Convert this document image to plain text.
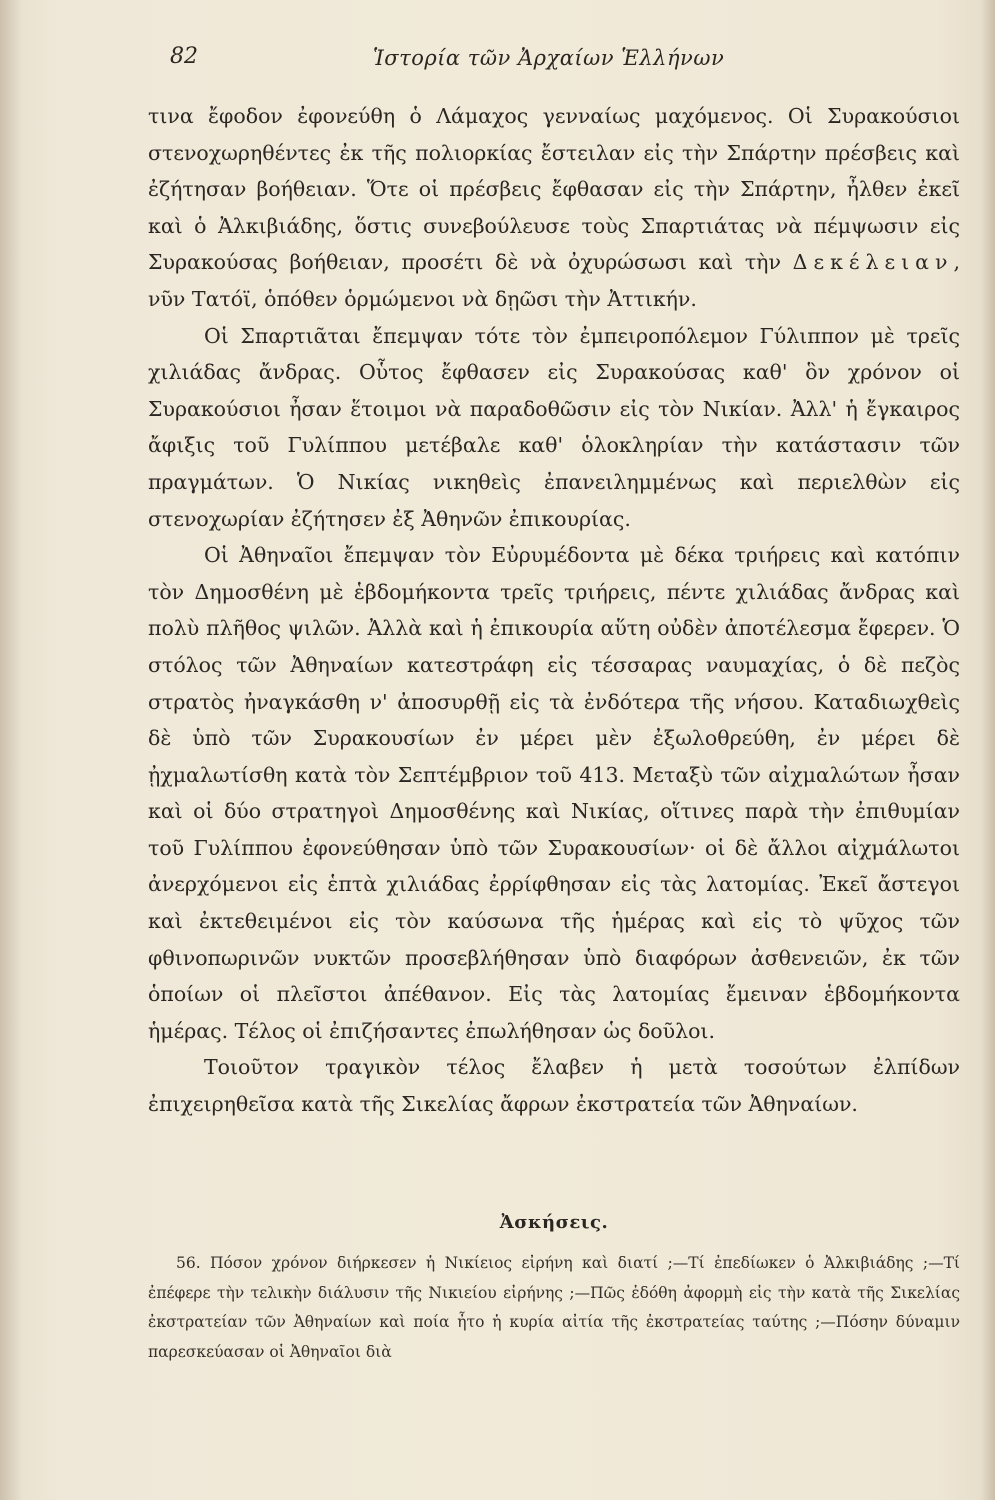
82	Ἱστορία τῶν Ἀρχαίων Ἑλλήνων

τινα ἔφοδον ἐφονεύθη ὁ Λάμαχος γενναίως μαχόμενος. Οἱ Συρακούσιοι στενοχωρηθέντες ἐκ τῆς πολιορκίας ἔστειλαν εἰς τὴν Σπάρτην πρέσβεις καὶ ἐζήτησαν βοήθειαν. Ὅτε οἱ πρέσβεις ἔφθασαν εἰς τὴν Σπάρτην, ἦλθεν ἐκεῖ καὶ ὁ Ἀλκιβιάδης, ὅστις συνεβούλευσε τοὺς Σπαρτιάτας νὰ πέμψωσιν εἰς Συρακούσας βοήθειαν, προσέτι δὲ νὰ ὀχυρώσωσι καὶ τὴν Δεκέλειαν, νῦν Τατόϊ, ὁπόθεν ὁρμώμενοι νὰ δῃῶσι τὴν Ἀττικήν.

Οἱ Σπαρτιᾶται ἔπεμψαν τότε τὸν ἐμπειροπόλεμον Γύλιππον μὲ τρεῖς χιλιάδας ἄνδρας. Οὗτος ἔφθασεν εἰς Συρακούσας καθ' ὃν χρόνον οἱ Συρακούσιοι ἦσαν ἕτοιμοι νὰ παραδοθῶσιν εἰς τὸν Νικίαν. Ἀλλ' ἡ ἔγκαιρος ἄφιξις τοῦ Γυλίππου μετέβαλε καθ' ὁλοκληρίαν τὴν κατάστασιν τῶν πραγμάτων. Ὁ Νικίας νικηθεὶς ἐπανειλημμένως καὶ περιελθὼν εἰς στενοχωρίαν ἐζήτησεν ἐξ Ἀθηνῶν ἐπικουρίας.

Οἱ Ἀθηναῖοι ἔπεμψαν τὸν Εὐρυμέδοντα μὲ δέκα τριήρεις καὶ κατόπιν τὸν Δημοσθένη μὲ ἑβδομήκοντα τρεῖς τριήρεις, πέντε χιλιάδας ἄνδρας καὶ πολὺ πλῆθος ψιλῶν. Ἀλλὰ καὶ ἡ ἐπικουρία αὕτη οὐδὲν ἀποτέλεσμα ἔφερεν. Ὁ στόλος τῶν Ἀθηναίων κατεστράφη εἰς τέσσαρας ναυμαχίας, ὁ δὲ πεζὸς στρατὸς ἠναγκάσθη ν' ἀποσυρθῇ εἰς τὰ ἐνδότερα τῆς νήσου. Καταδιωχθεὶς δὲ ὑπὸ τῶν Συρακουσίων ἐν μέρει μὲν ἐξωλοθρεύθη, ἐν μέρει δὲ ᾐχμαλωτίσθη κατὰ τὸν Σεπτέμβριον τοῦ 413. Μεταξὺ τῶν αἰχμαλώτων ἦσαν καὶ οἱ δύο στρατηγοὶ Δημοσθένης καὶ Νικίας, οἵτινες παρὰ τὴν ἐπιθυμίαν τοῦ Γυλίππου ἐφονεύθησαν ὑπὸ τῶν Συρακουσίων· οἱ δὲ ἄλλοι αἰχμάλωτοι ἀνερχόμενοι εἰς ἑπτὰ χιλιάδας ἐρρίφθησαν εἰς τὰς λατομίας. Ἐκεῖ ἄστεγοι καὶ ἐκτεθειμένοι εἰς τὸν καύσωνα τῆς ἡμέρας καὶ εἰς τὸ ψῦχος τῶν φθινοπωρινῶν νυκτῶν προσεβλήθησαν ὑπὸ διαφόρων ἀσθενειῶν, ἐκ τῶν ὁποίων οἱ πλεῖστοι ἀπέθανον. Εἰς τὰς λατομίας ἔμειναν ἑβδομήκοντα ἡμέρας. Τέλος οἱ ἐπιζήσαντες ἐπωλήθησαν ὡς δοῦλοι.

Τοιοῦτον τραγικὸν τέλος ἔλαβεν ἡ μετὰ τοσούτων ἐλπίδων ἐπιχειρηθεῖσα κατὰ τῆς Σικελίας ἄφρων ἐκστρατεία τῶν Ἀθηναίων.

Ἀσκήσεις.

56. Πόσον χρόνον διήρκεσεν ἡ Νικίειος εἰρήνη καὶ διατί ;—Τί ἐπεδίωκεν ὁ Ἀλκιβιάδης ;—Τί ἐπέφερε τὴν τελικὴν διάλυσιν τῆς Νικιείου εἰρήνης ;—Πῶς ἐδόθη ἀφορμὴ εἰς τὴν κατὰ τῆς Σικελίας ἐκστρατείαν τῶν Ἀθηναίων καὶ ποία ἦτο ἡ κυρία αἰτία τῆς ἐκστρατείας ταύτης ;—Πόσην δύναμιν παρεσκεύασαν οἱ Ἀθηναῖοι διὰ
